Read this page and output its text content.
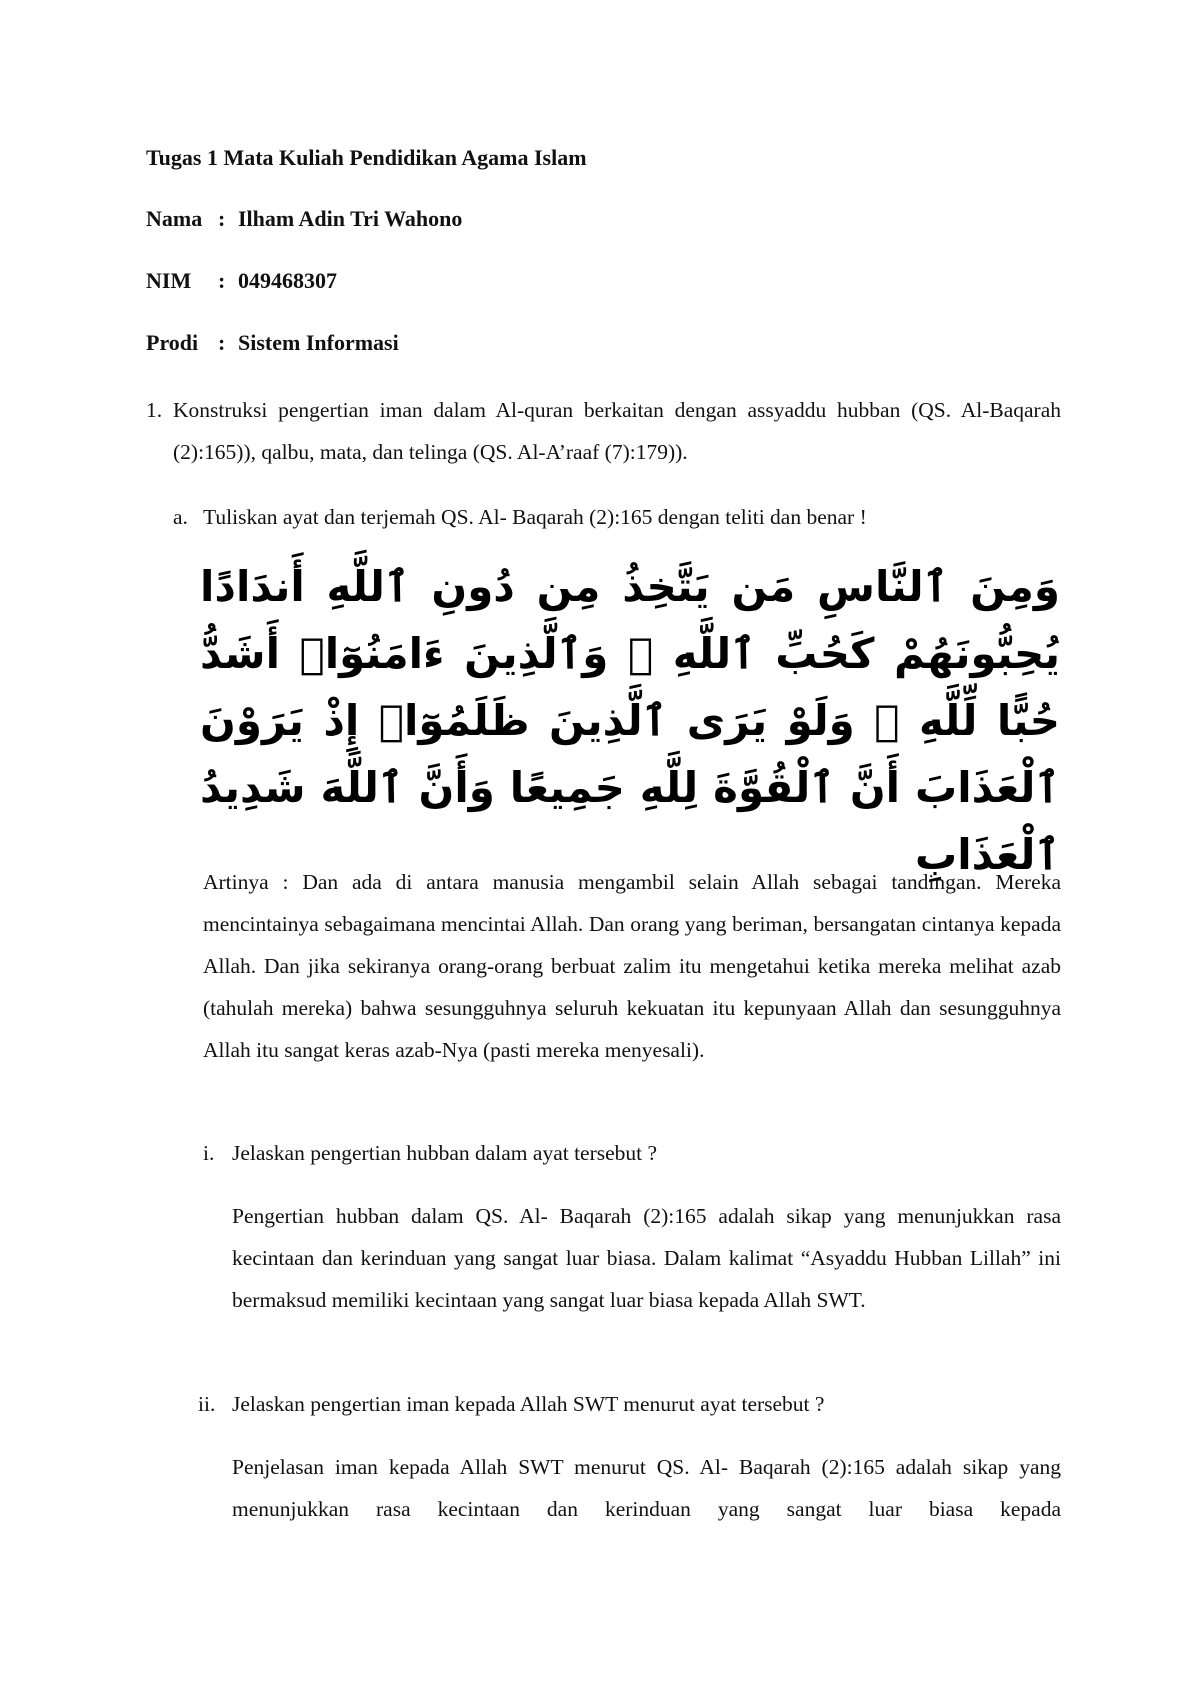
Tugas 1 Mata Kuliah Pendidikan Agama Islam
Nama : Ilham Adin Tri Wahono
NIM : 049468307
Prodi : Sistem Informasi
1. Konstruksi pengertian iman dalam Al-quran berkaitan dengan assyaddu hubban (QS. Al-Baqarah (2):165)), qalbu, mata, dan telinga (QS. Al-A’raaf (7):179)).
a. Tuliskan ayat dan terjemah QS. Al- Baqarah (2):165 dengan teliti dan benar !
وَمِنَ ٱلنَّاسِ مَن يَتَّخِذُ مِن دُونِ ٱللَّهِ أَندَادًا يُحِبُّونَهُمْ كَحُبِّ ٱللَّهِ ۖ وَٱلَّذِينَ ءَامَنُوٓا۟ أَشَدُّ حُبًّا لِّلَّهِ ۗ وَلَوْ يَرَى ٱلَّذِينَ ظَلَمُوٓا۟ إِذْ يَرَوْنَ ٱلْعَذَابَ أَنَّ ٱلْقُوَّةَ لِلَّهِ جَمِيعًا وَأَنَّ ٱللَّهَ شَدِيدُ ٱلْعَذَابِ
Artinya : Dan ada di antara manusia mengambil selain Allah sebagai tandingan. Mereka mencintainya sebagaimana mencintai Allah. Dan orang yang beriman, bersangatan cintanya kepada Allah. Dan jika sekiranya orang-orang berbuat zalim itu mengetahui ketika mereka melihat azab (tahulah mereka) bahwa sesungguhnya seluruh kekuatan itu kepunyaan Allah dan sesungguhnya Allah itu sangat keras azab-Nya (pasti mereka menyesali).
i. Jelaskan pengertian hubban dalam ayat tersebut ?
Pengertian hubban dalam QS. Al- Baqarah (2):165 adalah sikap yang menunjukkan rasa kecintaan dan kerinduan yang sangat luar biasa. Dalam kalimat “Asyaddu Hubban Lillah” ini bermaksud memiliki kecintaan yang sangat luar biasa kepada Allah SWT.
ii. Jelaskan pengertian iman kepada Allah SWT menurut ayat tersebut ?
Penjelasan iman kepada Allah SWT menurut QS. Al- Baqarah (2):165 adalah sikap yang menunjukkan rasa kecintaan dan kerinduan yang sangat luar biasa kepada
